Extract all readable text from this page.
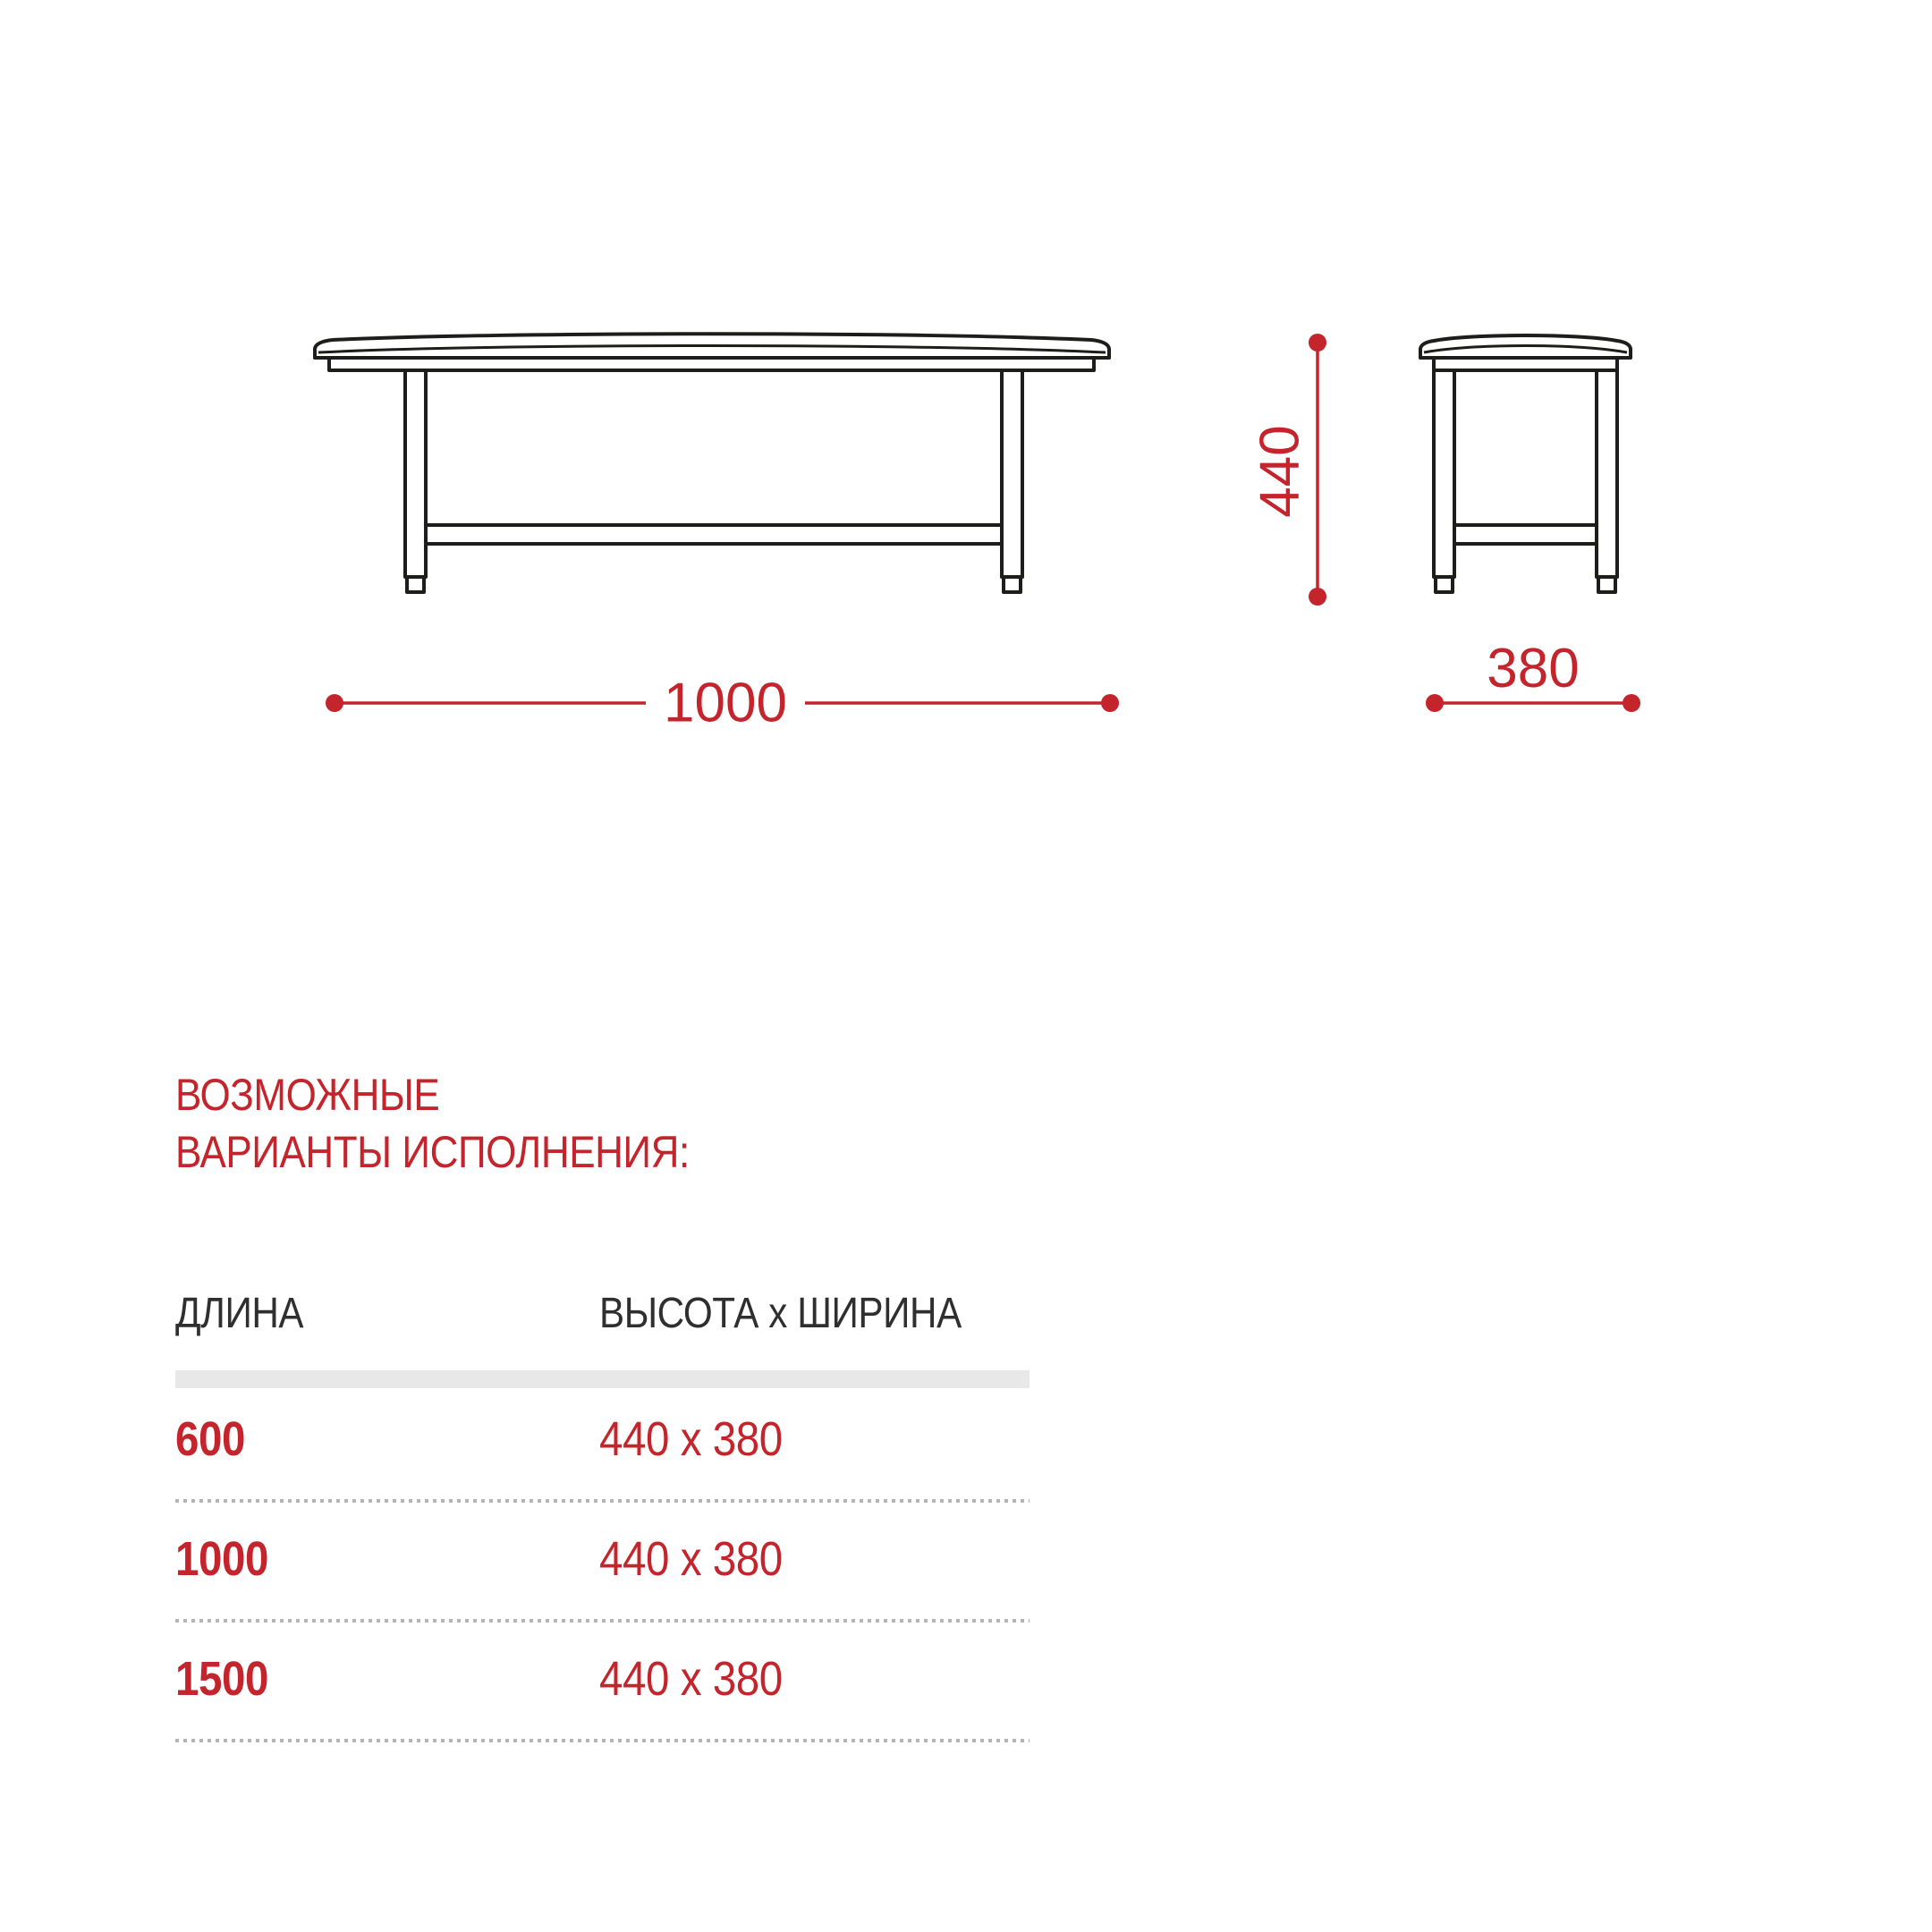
1000
440
380
ВОЗМОЖНЫЕ
ВАРИАНТЫ ИСПОЛНЕНИЯ:
ДЛИНА	ВЫСОТА x ШИРИНА
600	440 x 380
1000	440 x 380
1500	440 x 380
